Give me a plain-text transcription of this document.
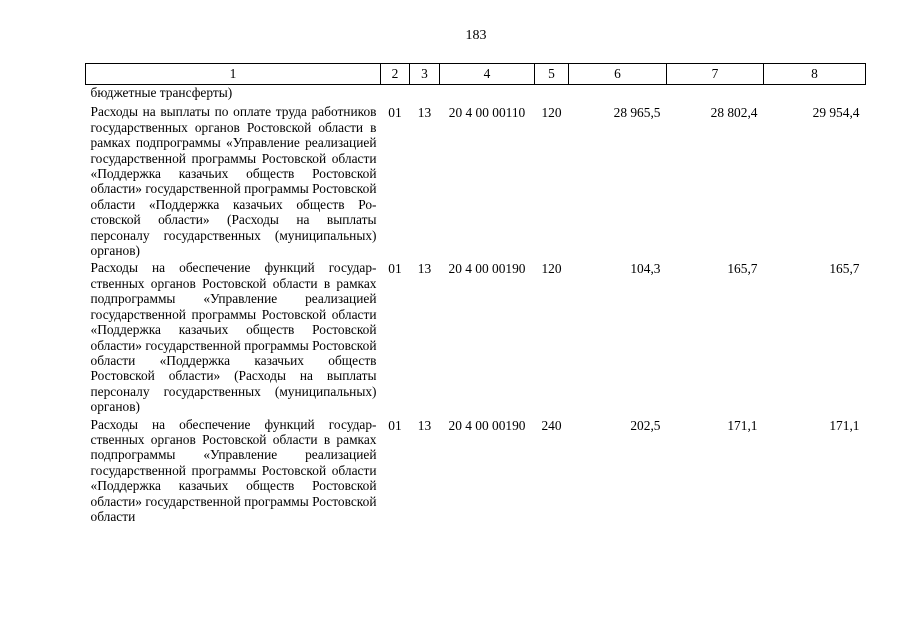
183
1	2	3	4	5	6	7	8
бюджетные трансферты)							
Расходы на выплаты по оплате труда работников государственных органов Ростовской области в рамках подпрограммы «Управление реализацией государственной программы Ростовской области «Поддержка казачьих обществ Ростовской области» государственной программы Ростовской области «Поддержка казачьих обществ Ростовской области» (Расходы на выплаты персоналу государственных (муниципальных) органов)	01	13	20 4 00 00110	120	28 965,5	28 802,4	29 954,4
Расходы на обеспечение функций государственных органов Ростовской области в рамках подпрограммы «Управление реализацией государственной программы Ростовской области «Поддержка казачьих обществ Ростовской области» государственной программы Ростовской области «Поддержка казачьих обществ Ростовской области» (Расходы на выплаты персоналу государственных (муниципальных) органов)	01	13	20 4 00 00190	120	104,3	165,7	165,7
Расходы на обеспечение функций государственных органов Ростовской области в рамках подпрограммы «Управление реализацией государственной программы Ростовской области «Поддержка казачьих обществ Ростовской области» государственной программы Ростовской области	01	13	20 4 00 00190	240	202,5	171,1	171,1
